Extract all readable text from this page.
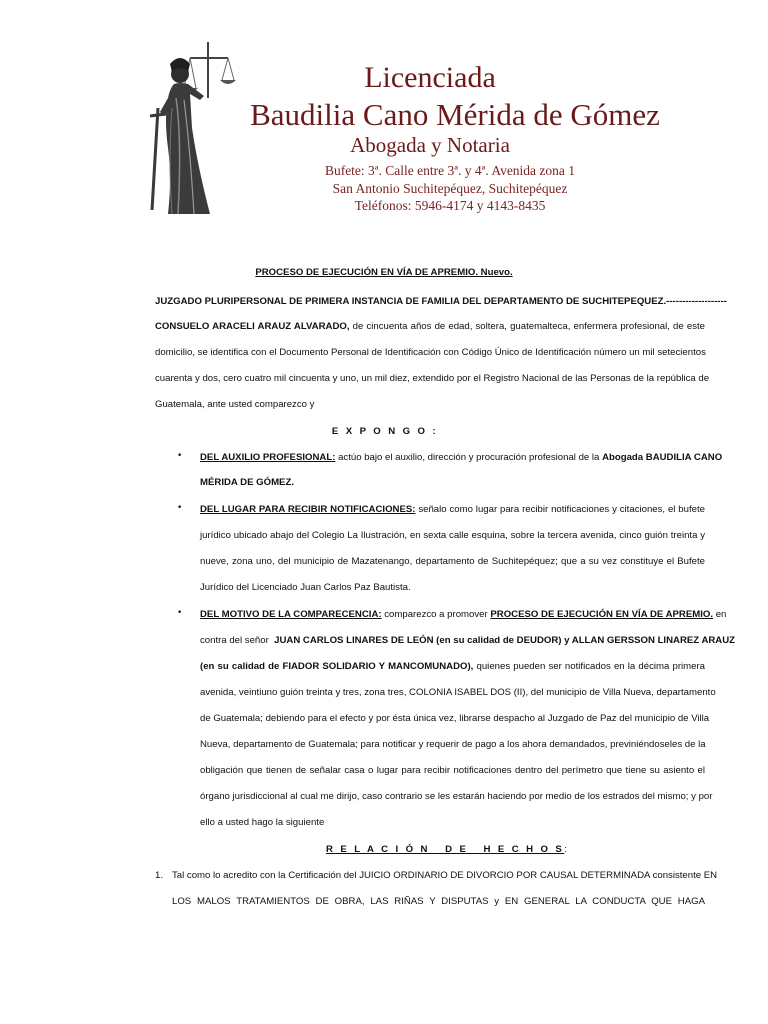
Licenciada
Baudilia Cano Mérida de Gómez
Abogada y Notaria
Bufete: 3ª. Calle entre 3ª. y 4ª. Avenida zona 1
San Antonio Suchitepéquez, Suchitepéquez
Teléfonos: 5946-4174 y 4143-8435
PROCESO DE EJECUCIÓN EN VÍA DE APREMIO. Nuevo.
JUZGADO PLURIPERSONAL DE PRIMERA INSTANCIA DE FAMILIA DEL DEPARTAMENTO DE SUCHITEPEQUEZ.-------------------
CONSUELO ARACELI ARAUZ ALVARADO, de cincuenta años de edad, soltera, guatemalteca, enfermera profesional, de este
domicilio, se identifica con el Documento Personal de Identificación con Código Único de Identificación número un mil setecientos
cuarenta y dos, cero cuatro mil cincuenta y uno, un mil diez, extendido por el Registro Nacional de las Personas de la república de
Guatemala, ante usted comparezco y
E X P O N G O :
• DEL AUXILIO PROFESIONAL: actúo bajo el auxilio, dirección y procuración profesional de la Abogada BAUDILIA CANO
MÉRIDA DE GÓMEZ.
• DEL LUGAR PARA RECIBIR NOTIFICACIONES: señalo como lugar para recibir notificaciones y citaciones, el bufete
jurídico ubicado abajo del Colegio La Ilustración, en sexta calle esquina, sobre la tercera avenida, cinco guión treinta y
nueve, zona uno, del municipio de Mazatenango, departamento de Suchitepéquez; que a su vez constituye el Bufete
Jurídico del Licenciado Juan Carlos Paz Bautista.
• DEL MOTIVO DE LA COMPARECENCIA: comparezco a promover PROCESO DE EJECUCIÓN EN VÍA DE APREMIO. en
contra del señor JUAN CARLOS LINARES DE LEÓN (en su calidad de DEUDOR) y ALLAN GERSSON LINAREZ ARAUZ
(en su calidad de FIADOR SOLIDARIO Y MANCOMUNADO), quienes pueden ser notificados en la décima primera
avenida, veintiuno guión treinta y tres, zona tres, COLONIA ISABEL DOS (II), del municipio de Villa Nueva, departamento
de Guatemala; debiendo para el efecto y por ésta única vez, librarse despacho al Juzgado de Paz del municipio de Villa
Nueva, departamento de Guatemala; para notificar y requerir de pago a los ahora demandados, previniéndoseles de la
obligación que tienen de señalar casa o lugar para recibir notificaciones dentro del perímetro que tiene su asiento el
órgano jurisdiccional al cual me dirijo, caso contrario se les estarán haciendo por medio de los estrados del mismo; y por
ello a usted hago la siguiente
R E L A C I Ó N   D E   H E C H O S:
1. Tal como lo acredito con la Certificación del JUICIO ORDINARIO DE DIVORCIO POR CAUSAL DETERMINADA consistente EN
LOS MALOS TRATAMIENTOS DE OBRA, LAS RIÑAS Y DISPUTAS y EN GENERAL LA CONDUCTA QUE HAGA
